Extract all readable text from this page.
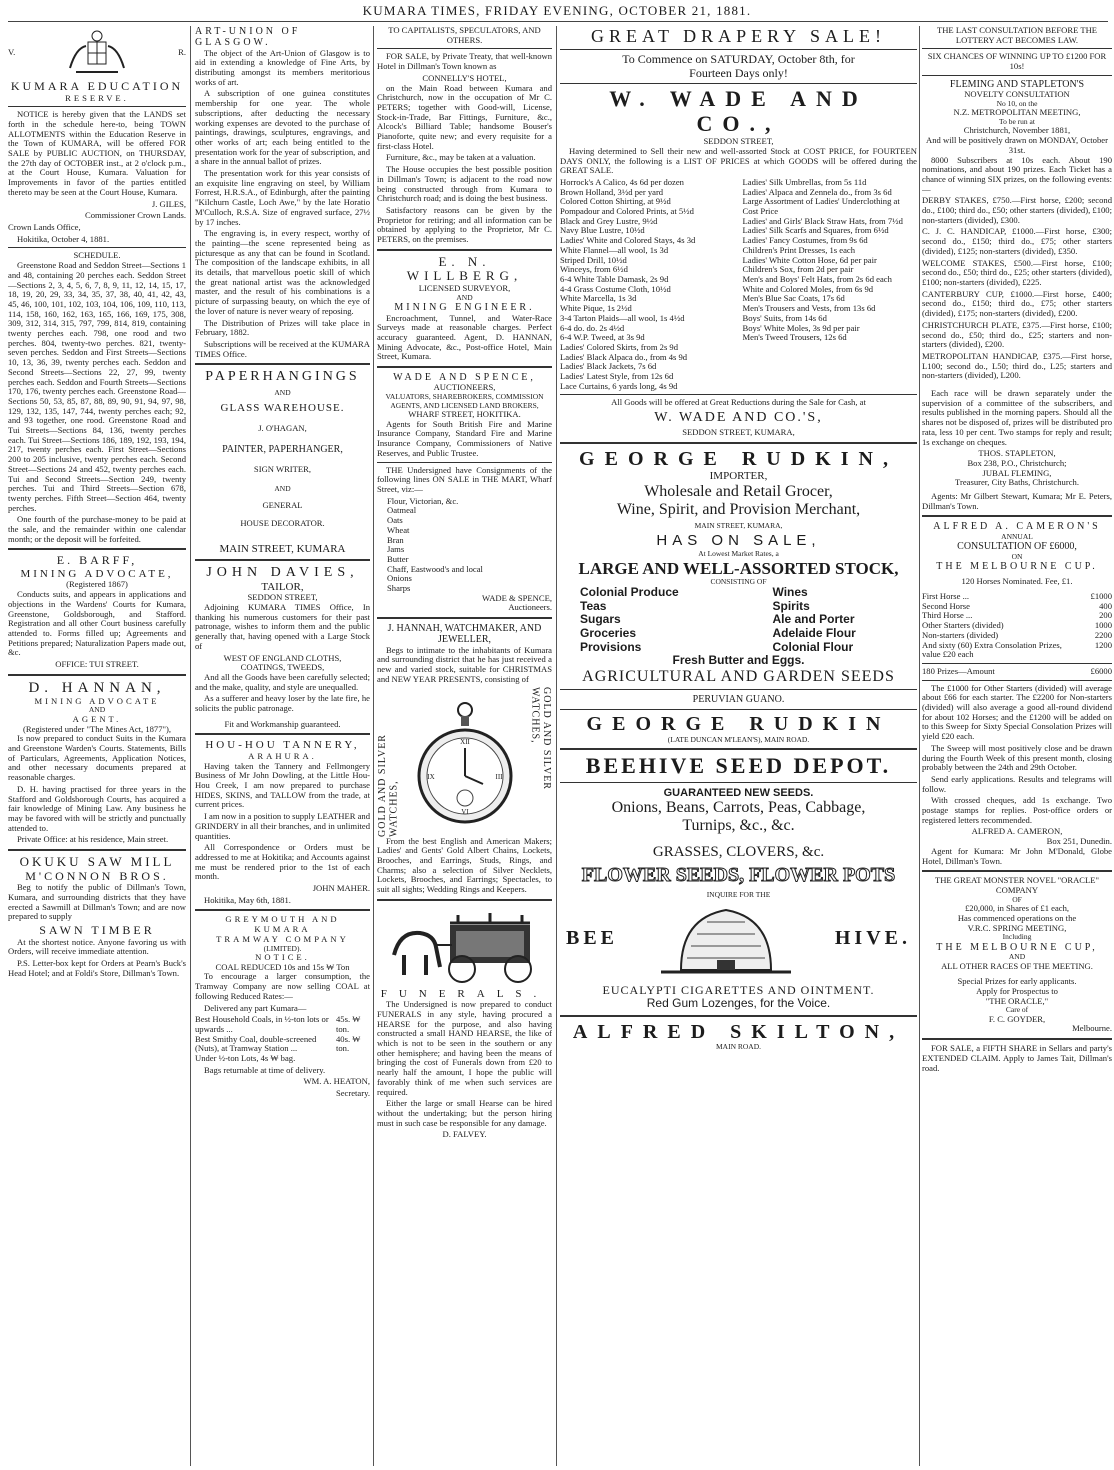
KUMARA TIMES, FRIDAY EVENING, OCTOBER 21, 1881.
V.	R.
KUMARA EDUCATION
RESERVE.

NOTICE is hereby given that the LANDS set forth in the schedule here-to, being TOWN ALLOTMENTS within the Education Reserve in the Town of KUMARA, will be offered FOR SALE by PUBLIC AUCTION, on THURSDAY, the 27th day of OCTOBER inst., at 2 o'clock p.m., at the Court House, Kumara. Valuation for Improvements in favor of the parties entitled thereto may be seen at the Court House, Kumara.

J. GILES,

Commissioner Crown Lands.

Crown Lands Office,

Hokitika, October 4, 1881.

SCHEDULE.

Greenstone Road and Seddon Street—Sections 1 and 48, containing 20 perches each. Seddon Street—Sections 2, 3, 4, 5, 6, 7, 8, 9, 11, 12, 14, 15, 17, 18, 19, 20, 29, 33, 34, 35, 37, 38, 40, 41, 42, 43, 45, 46, 100, 101, 102, 103, 104, 106, 109, 110, 113, 114, 158, 160, 162, 163, 165, 166, 169, 175, 308, 309, 312, 314, 315, 797, 799, 814, 819, containing twenty perches each. 798, one rood and two perches. 804, twenty-two perches. 821, twenty-seven perches. Seddon and First Streets—Sections 10, 13, 36, 39, twenty perches each. Seddon and Second Streets—Sections 22, 27, 99, twenty perches each. Seddon and Fourth Streets—Sections 170, 176, twenty perches each. Greenstone Road—Sections 50, 53, 85, 87, 88, 89, 90, 91, 94, 97, 98, 129, 132, 135, 147, 744, twenty perches each; 92, and 93 together, one rood. Greenstone Road and Tui Streets—Sections 84, 136, twenty perches each. Tui Street—Sections 186, 189, 192, 193, 194, 217, twenty perches each. First Street—Sections 200 to 205 inclusive, twenty perches each. Second Street—Sections 24 and 452, twenty perches each. Tui and Second Streets—Section 249, twenty perches. Tui and Third Streets—Section 678, twenty perches. Fifth Street—Section 464, twenty perches.

One fourth of the purchase-money to be paid at the sale, and the remainder within one calendar month; or the deposit will be forfeited.

E. BARFF,
MINING ADVOCATE,
(Registered 1867)

Conducts suits, and appears in applications and objections in the Wardens' Courts for Kumara, Greenstone, Goldsborough, and Stafford. Registration and all other Court business carefully attended to. Forms filled up; Agreements and Petitions prepared; Naturalization Papers made out, &c.

OFFICE: TUI STREET.
D. HANNAN,
MINING ADVOCATE
AND
AGENT.
(Registered under "The Mines Act, 1877"),

Is now prepared to conduct Suits in the Kumara and Greenstone Warden's Courts. Statements, Bills of Particulars, Agreements, Application Notices, and other necessary documents prepared at reasonable charges.

D. H. having practised for three years in the Stafford and Goldsborough Courts, has acquired a fair knowledge of Mining Law. Any business he may be favored with will be strictly and punctually attended to.

Private Office: at his residence, Main street.

OKUKU SAW MILL
M'CONNON BROS.

Beg to notify the public of Dillman's Town, Kumara, and surrounding districts that they have erected a Sawmill at Dillman's Town; and are now prepared to supply

SAWN TIMBER

At the shortest notice. Anyone favoring us with Orders, will receive immediate attention.

P.S. Letter-box kept for Orders at Pearn's Buck's Head Hotel; and at Foldi's Store, Dillman's Town.

ART-UNION OF GLASGOW.

The object of the Art-Union of Glasgow is to aid in extending a knowledge of Fine Arts, by distributing amongst its members meritorious works of art.

A subscription of one guinea constitutes membership for one year. The whole subscriptions, after deducting the necessary working expenses are devoted to the purchase of paintings, drawings, sculptures, engravings, and other works of art; each being entitled to the presentation work for the year of subscription, and a share in the annual ballot of prizes.

The presentation work for this year consists of an exquisite line engraving on steel, by William Forrest, H.R.S.A., of Edinburgh, after the painting "Kilchurn Castle, Loch Awe," by the late Horatio M'Culloch, R.S.A. Size of engraved surface, 27½ by 17 inches.

The engraving is, in every respect, worthy of the painting—the scene represented being as picturesque as any that can be found in Scotland. The composition of the landscape exhibits, in all its details, that marvellous poetic skill of which the great national artist was the acknowledged master, and the result of his combinations is a picture of surpassing beauty, on which the eye of the lover of nature is never weary of reposing.

The Distribution of Prizes will take place in February, 1882.

Subscriptions will be received at the KUMARA TIMES Office.

PAPERHANGINGS
AND
GLASS WAREHOUSE.
J. O'HAGAN,
PAINTER, PAPERHANGER,
SIGN WRITER,
AND
GENERAL
HOUSE DECORATOR.
MAIN STREET, KUMARA
JOHN DAVIES,
TAILOR,
SEDDON STREET,

Adjoining KUMARA TIMES Office, In thanking his numerous customers for their past patronage, wishes to inform them and the public generally that, having opened with a Large Stock of

WEST OF ENGLAND CLOTHS,
COATINGS, TWEEDS,

And all the Goods have been carefully selected; and the make, quality, and style are unequalled.

As a sufferer and heavy loser by the late fire, he solicits the public patronage.

Fit and Workmanship guaranteed.
HOU-HOU TANNERY,
ARAHURA.

Having taken the Tannery and Fellmongery Business of Mr John Dowling, at the Little Hou-Hou Creek, I am now prepared to purchase HIDES, SKINS, and TALLOW from the trade, at current prices.

I am now in a position to supply LEATHER and GRINDERY in all their branches, and in unlimited quantities.

All Correspondence or Orders must be addressed to me at Hokitika; and Accounts against me must be rendered prior to the 1st of each month.

JOHN MAHER.

Hokitika, May 6th, 1881.

GREYMOUTH AND KUMARA
TRAMWAY COMPANY
(LIMITED).
NOTICE.
COAL REDUCED 10s and 15s ₩ Ton

To encourage a larger consumption, the Tramway Company are now selling COAL at following Reduced Rates:—

Delivered any part Kumara—

Best Household Coals, in ½-ton lots or upwards ...
45s. ₩ ton.
Best Smithy Coal, double-screened (Nuts), at Tramway Station ...
40s. ₩ ton.

Under ½-ton Lots, 4s ₩ bag.

Bags returnable at time of delivery.

WM. A. HEATON,

Secretary.

TO CAPITALISTS, SPECULATORS, AND OTHERS.

FOR SALE, by Private Treaty, that well-known Hotel in Dillman's Town known as

CONNELLY'S HOTEL,

on the Main Road between Kumara and Christchurch, now in the occupation of Mr C. PETERS; together with Good-will, License, Stock-in-Trade, Bar Fittings, Furniture, &c., Alcock's Billiard Table; handsome Bouser's Pianoforte, quite new; and every requisite for a first-class Hotel.

Furniture, &c., may be taken at a valuation.

The House occupies the best possible position in Dillman's Town; is adjacent to the road now being constructed through from Kumara to Christchurch road; and is doing the best business.

Satisfactory reasons can be given by the Proprietor for retiring; and all information can be obtained by applying to the Proprietor, Mr C. PETERS, on the premises.

E. N. WILLBERG,
LICENSED SURVEYOR,
AND
MINING ENGINEER.

Encroachment, Tunnel, and Water-Race Surveys made at reasonable charges. Perfect accuracy guaranteed. Agent, D. HANNAN, Mining Advocate, &c., Post-office Hotel, Main Street, Kumara.

WADE AND SPENCE,
AUCTIONEERS,
VALUATORS, SHAREBROKERS, COMMISSION AGENTS, AND LICENSED LAND BROKERS,
WHARF STREET, HOKITIKA.

Agents for South British Fire and Marine Insurance Company, Standard Fire and Marine Insurance Company, Commissioners of Native Reserves, and Public Trustee.

THE Undersigned have Consignments of the following lines ON SALE in THE MART, Wharf Street, viz:—

Flour, Victorian, &c.
Oatmeal
Oats
Wheat
Bran
Jams
Butter
Chaff, Eastwood's and local
Onions
Sharps
WADE & SPENCE,
Auctioneers.
J. HANNAH, WATCHMAKER, AND JEWELLER,

Begs to intimate to the inhabitants of Kumara and surrounding district that he has just received a new and varied stock, suitable for CHRISTMAS and NEW YEAR PRESENTS, consisting of

GOLD AND SILVER WATCHES,
XII
III
VI
IX	GOLD AND SILVER WATCHES,

From the best English and American Makers; Ladies' and Gents' Gold Albert Chains, Lockets, Brooches, and Earrings, Studs, Rings, and Charms; also a selection of Silver Necklets, Lockets, Brooches, and Earrings; Spectacles, to suit all sights; Wedding Rings and Keepers.

FUNERALS.

The Undersigned is now prepared to conduct FUNERALS in any style, having procured a HEARSE for the purpose, and also having constructed a small HAND HEARSE, the like of which is not to be seen in the southern or any other hemisphere; and having been the means of bringing the cost of Funerals down from £20 to nearly half the amount, I hope the public will favorably think of me when such services are required.

Either the large or small Hearse can be hired without the undertaking; but the person hiring must in such case be responsible for any damage.

D. FALVEY.
GREAT DRAPERY SALE!
To Commence on SATURDAY, October 8th, for
Fourteen Days only!
W. WADE AND CO.,
SEDDON STREET,

Having determined to Sell their new and well-assorted Stock at COST PRICE, for FOURTEEN DAYS ONLY, the following is a LIST OF PRICES at which GOODS will be offered during the GREAT SALE.

Horrock's A Calico, 4s 6d per dozen
Brown Holland, 3½d per yard
Colored Cotton Shirting, at 9½d
Pompadour and Colored Prints, at 5½d
Black and Grey Lustre, 9½d
Navy Blue Lustre, 10½d
Ladies' White and Colored Stays, 4s 3d
White Flannel—all wool, 1s 3d
Striped Drill, 10½d
Winceys, from 6½d
6-4 White Table Damask, 2s 9d
4-4 Grass Costume Cloth, 10½d
White Marcella, 1s 3d
White Pique, 1s 2½d
3-4 Tarton Plaids—all wool, 1s 4½d
6-4 do. do. 2s 4½d
6-4 W.P. Tweed, at 3s 9d
Ladies' Colored Skirts, from 2s 9d
Ladies' Black Alpaca do., from 4s 9d
Ladies' Black Jackets, 7s 6d
Ladies' Latest Style, from 12s 6d
Lace Curtains, 6 yards long, 4s 9d
Ladies' Silk Umbrellas, from 5s 11d
Ladies' Alpaca and Zennela do., from 3s 6d
Large Assortment of Ladies' Underclothing at Cost Price
Ladies' and Girls' Black Straw Hats, from 7½d
Ladies' Silk Scarfs and Squares, from 6½d
Ladies' Fancy Costumes, from 9s 6d
Children's Print Dresses, 1s each
Ladies' White Cotton Hose, 6d per pair
Children's Sox, from 2d per pair
Men's and Boys' Felt Hats, from 2s 6d each
White and Colored Moles, from 6s 9d
Men's Blue Sac Coats, 17s 6d
Men's Trousers and Vests, from 13s 6d
Boys' Suits, from 14s 6d
Boys' White Moles, 3s 9d per pair
Men's Tweed Trousers, 12s 6d
All Goods will be offered at Great Reductions during the Sale for Cash, at
W. WADE AND CO.'S,
SEDDON STREET, KUMARA,
GEORGE RUDKIN,
IMPORTER,
Wholesale and Retail Grocer,
Wine, Spirit, and Provision Merchant,
MAIN STREET, KUMARA,
HAS ON SALE,
At Lowest Market Rates, a
LARGE AND WELL-ASSORTED STOCK,
CONSISTING OF
Colonial Produce
Teas
Sugars
Groceries
Provisions
Wines
Spirits
Ale and Porter
Adelaide Flour
Colonial Flour
Fresh Butter and Eggs.
AGRICULTURAL AND GARDEN SEEDS
PERUVIAN GUANO.
GEORGE RUDKIN
(LATE DUNCAN M'LEAN'S), MAIN ROAD.
BEEHIVE SEED DEPOT.
GUARANTEED NEW SEEDS.
Onions, Beans, Carrots, Peas, Cabbage,
Turnips, &c., &c.
GRASSES, CLOVERS, &c.
FLOWER SEEDS, FLOWER POTS
INQUIRE FOR THE
BEE	HIVE.
EUCALYPTI CIGARETTES AND OINTMENT.
Red Gum Lozenges, for the Voice.
ALFRED SKILTON,
MAIN ROAD.
THE LAST CONSULTATION BEFORE THE LOTTERY ACT BECOMES LAW.
SIX CHANCES OF WINNING UP TO £1200 FOR 10s!
FLEMING AND STAPLETON'S
NOVELTY CONSULTATION
No 10, on the
N.Z. METROPOLITAN MEETING,
To be run at
Christchurch, November 1881,
And will be positively drawn on MONDAY, October 31st.

8000 Subscribers at 10s each. About 190 nominations, and about 190 prizes. Each Ticket has a chance of winning SIX prizes, on the following events:—

DERBY STAKES, £750.—First horse, £200; second do., £100; third do., £50; other starters (divided), £100; non-starters (divided), £300.

C. J. C. HANDICAP, £1000.—First horse, £300; second do., £150; third do., £75; other starters (divided), £125; non-starters (divided), £350.

WELCOME STAKES, £500.—First horse, £100; second do., £50; third do., £25; other starters (divided), £100; non-starters (divided), £225.

CANTERBURY CUP, £1000.—First horse, £400; second do., £150; third do., £75; other starters (divided), £175; non-starters (divided), £200.

CHRISTCHURCH PLATE, £375.—First horse, £100; second do., £50; third do., £25; starters and non-starters (divided), £200.

METROPOLITAN HANDICAP, £375.—First horse, L100; second do., L50; third do., L25; starters and non-starters (divided), L200.

Each race will be drawn separately under the supervision of a committee of the subscribers, and results published in the morning papers. Should all the shares not be disposed of, prizes will be distributed pro rata, less 10 per cent. Two stamps for reply and result; 1s exchange on cheques.

THOS. STAPLETON,
Box 238, P.O., Christchurch;
JUBAL FLEMING,
Treasurer, City Baths, Christchurch.

Agents: Mr Gilbert Stewart, Kumara; Mr E. Peters, Dillman's Town.

ALFRED A. CAMERON'S
ANNUAL
CONSULTATION OF £6000,
ON
THE MELBOURNE CUP.
120 Horses Nominated. Fee, £1.
First Horse ...	£1000
Second Horse	400
Third Horse ...	200
Other Starters (divided)	1000
Non-starters (divided)	2200
And sixty (60) Extra Consolation Prizes, value £20 each
1200
180 Prizes—Amount	£6000

The £1000 for Other Starters (divided) will average about £66 for each starter. The £2200 for Non-starters (divided) will also average a good all-round dividend for about 102 Horses; and the £1200 will be added on to this Sweep for Sixty Special Consolation Prizes will yield £20 each.

The Sweep will most positively close and be drawn during the Fourth Week of this present month, closing probably between the 24th and 29th October.

Send early applications. Results and telegrams will follow.

With crossed cheques, add 1s exchange. Two postage stamps for replies. Post-office orders or registered letters recommended.

ALFRED A. CAMERON,
Box 251, Dunedin.

Agent for Kumara: Mr John M'Donald, Globe Hotel, Dillman's Town.

THE GREAT MONSTER NOVEL "ORACLE" COMPANY
OF
£20,000, in Shares of £1 each,
Has commenced operations on the
V.R.C. SPRING MEETING,
Including
THE MELBOURNE CUP,
AND
ALL OTHER RACES OF THE MEETING.
Special Prizes for early applicants.
Apply for Prospectus to
"THE ORACLE,"
Care of
F. C. GOYDER,
Melbourne.

FOR SALE, a FIFTH SHARE in Sellars and party's EXTENDED CLAIM. Apply to James Tait, Dillman's road.
